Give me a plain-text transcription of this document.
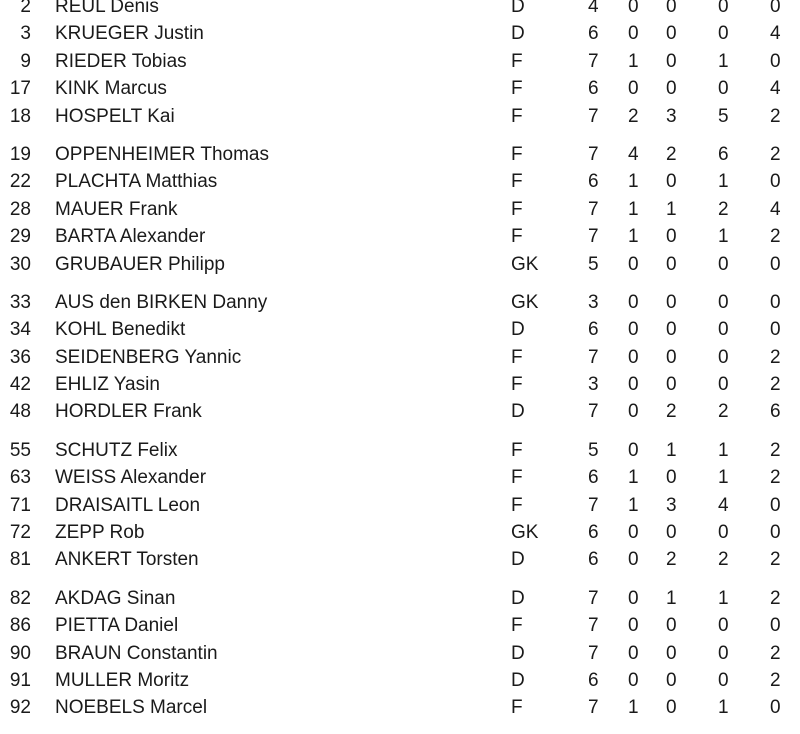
2 REUL Denis	D	4 0 0 0 0
3 KRUEGER Justin	D	6 0 0 0 4
9 RIEDER Tobias	F	7 1 0 1 0
17 KINK Marcus	F	6 0 0 0 4
18 HOSPELT Kai	F	7 2 3 5 2
19 OPPENHEIMER Thomas	F	7 4 2 6 2
22 PLACHTA Matthias	F	6 1 0 1 0
28 MAUER Frank	F	7 1 1 2 4
29 BARTA Alexander	F	7 1 0 1 2
30 GRUBAUER Philipp	GK	5 0 0 0 0
33 AUS den BIRKEN Danny	GK	3 0 0 0 0
34 KOHL Benedikt	D	6 0 0 0 0
36 SEIDENBERG Yannic	F	7 0 0 0 2
42 EHLIZ Yasin	F	3 0 0 0 2
48 HORDLER Frank	D	7 0 2 2 6
55 SCHUTZ Felix	F	5 0 1 1 2
63 WEISS Alexander	F	6 1 0 1 2
71 DRAISAITL Leon	F	7 1 3 4 0
72 ZEPP Rob	GK	6 0 0 0 0
81 ANKERT Torsten	D	6 0 2 2 2
82 AKDAG Sinan	D	7 0 1 1 2
86 PIETTA Daniel	F	7 0 0 0 0
90 BRAUN Constantin	D	7 0 0 0 2
91 MULLER Moritz	D	6 0 0 0 2
92 NOEBELS Marcel	F	7 1 0 1 0
